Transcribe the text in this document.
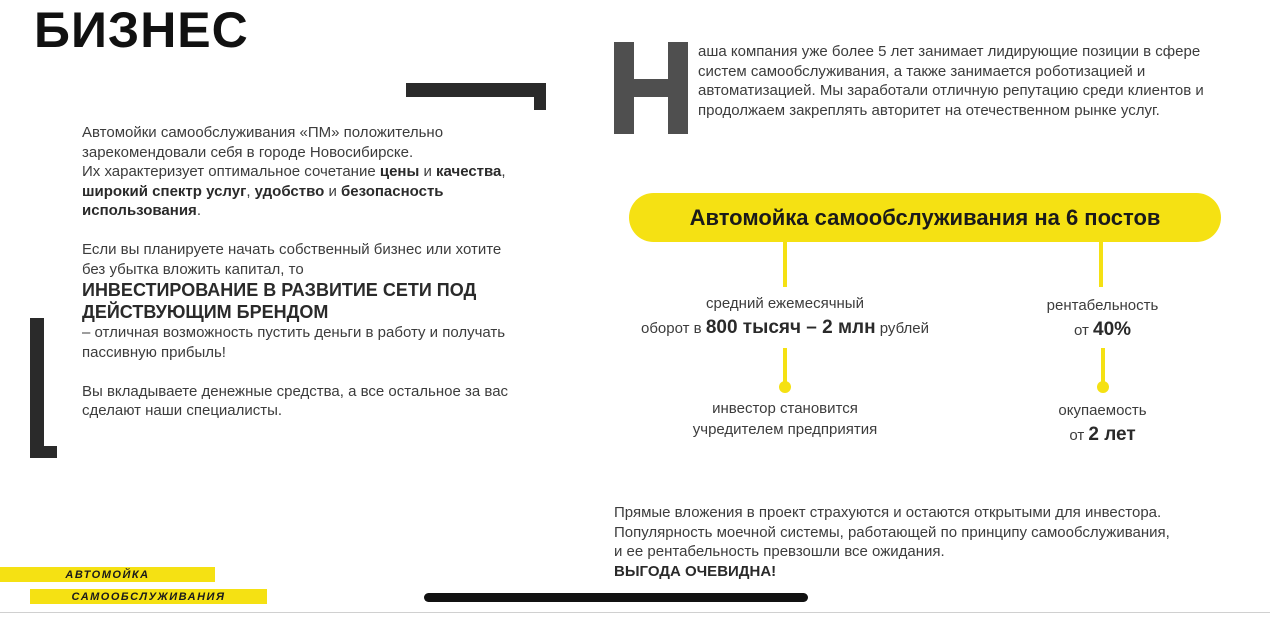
БИЗНЕС

Автомойки самообслуживания «ПМ» положительно зарекомендовали себя в городе Новосибирске.
Их характеризует оптимальное сочетание цены и качества, широкий спектр услуг, удобство и безопасность использования.

Если вы планируете начать собственный бизнес или хотите без убытка вложить капитал, то
ИНВЕСТИРОВАНИЕ В РАЗВИТИЕ СЕТИ ПОД ДЕЙСТВУЮЩИМ БРЕНДОМ
– отличная возможность пустить деньги в работу и получать пассивную прибыль!

Вы вкладываете денежные средства, а все остальное за вас сделают наши специалисты.

аша компания уже более 5 лет занимает лидирующие позиции в сфере систем самообслуживания, а также занимается роботизацией и автоматизацией. Мы заработали отличную репутацию среди клиентов и продолжаем закреплять авторитет на отечественном рынке услуг.
Автомойка самообслуживания на 6 постов
средний ежемесячный
оборот в 800 тысяч – 2 млн рублей
рентабельность
от 40%
инвестор становится
учредителем предприятия
окупаемость
от 2 лет
Прямые вложения в проект страхуются и остаются открытыми для инвестора. Популярность моечной системы, работающей по принципу самообслуживания, и ее рентабельность превзошли все ожидания.
ВЫГОДА ОЧЕВИДНА!
АВТОМОЙКА
САМООБСЛУЖИВАНИЯ
